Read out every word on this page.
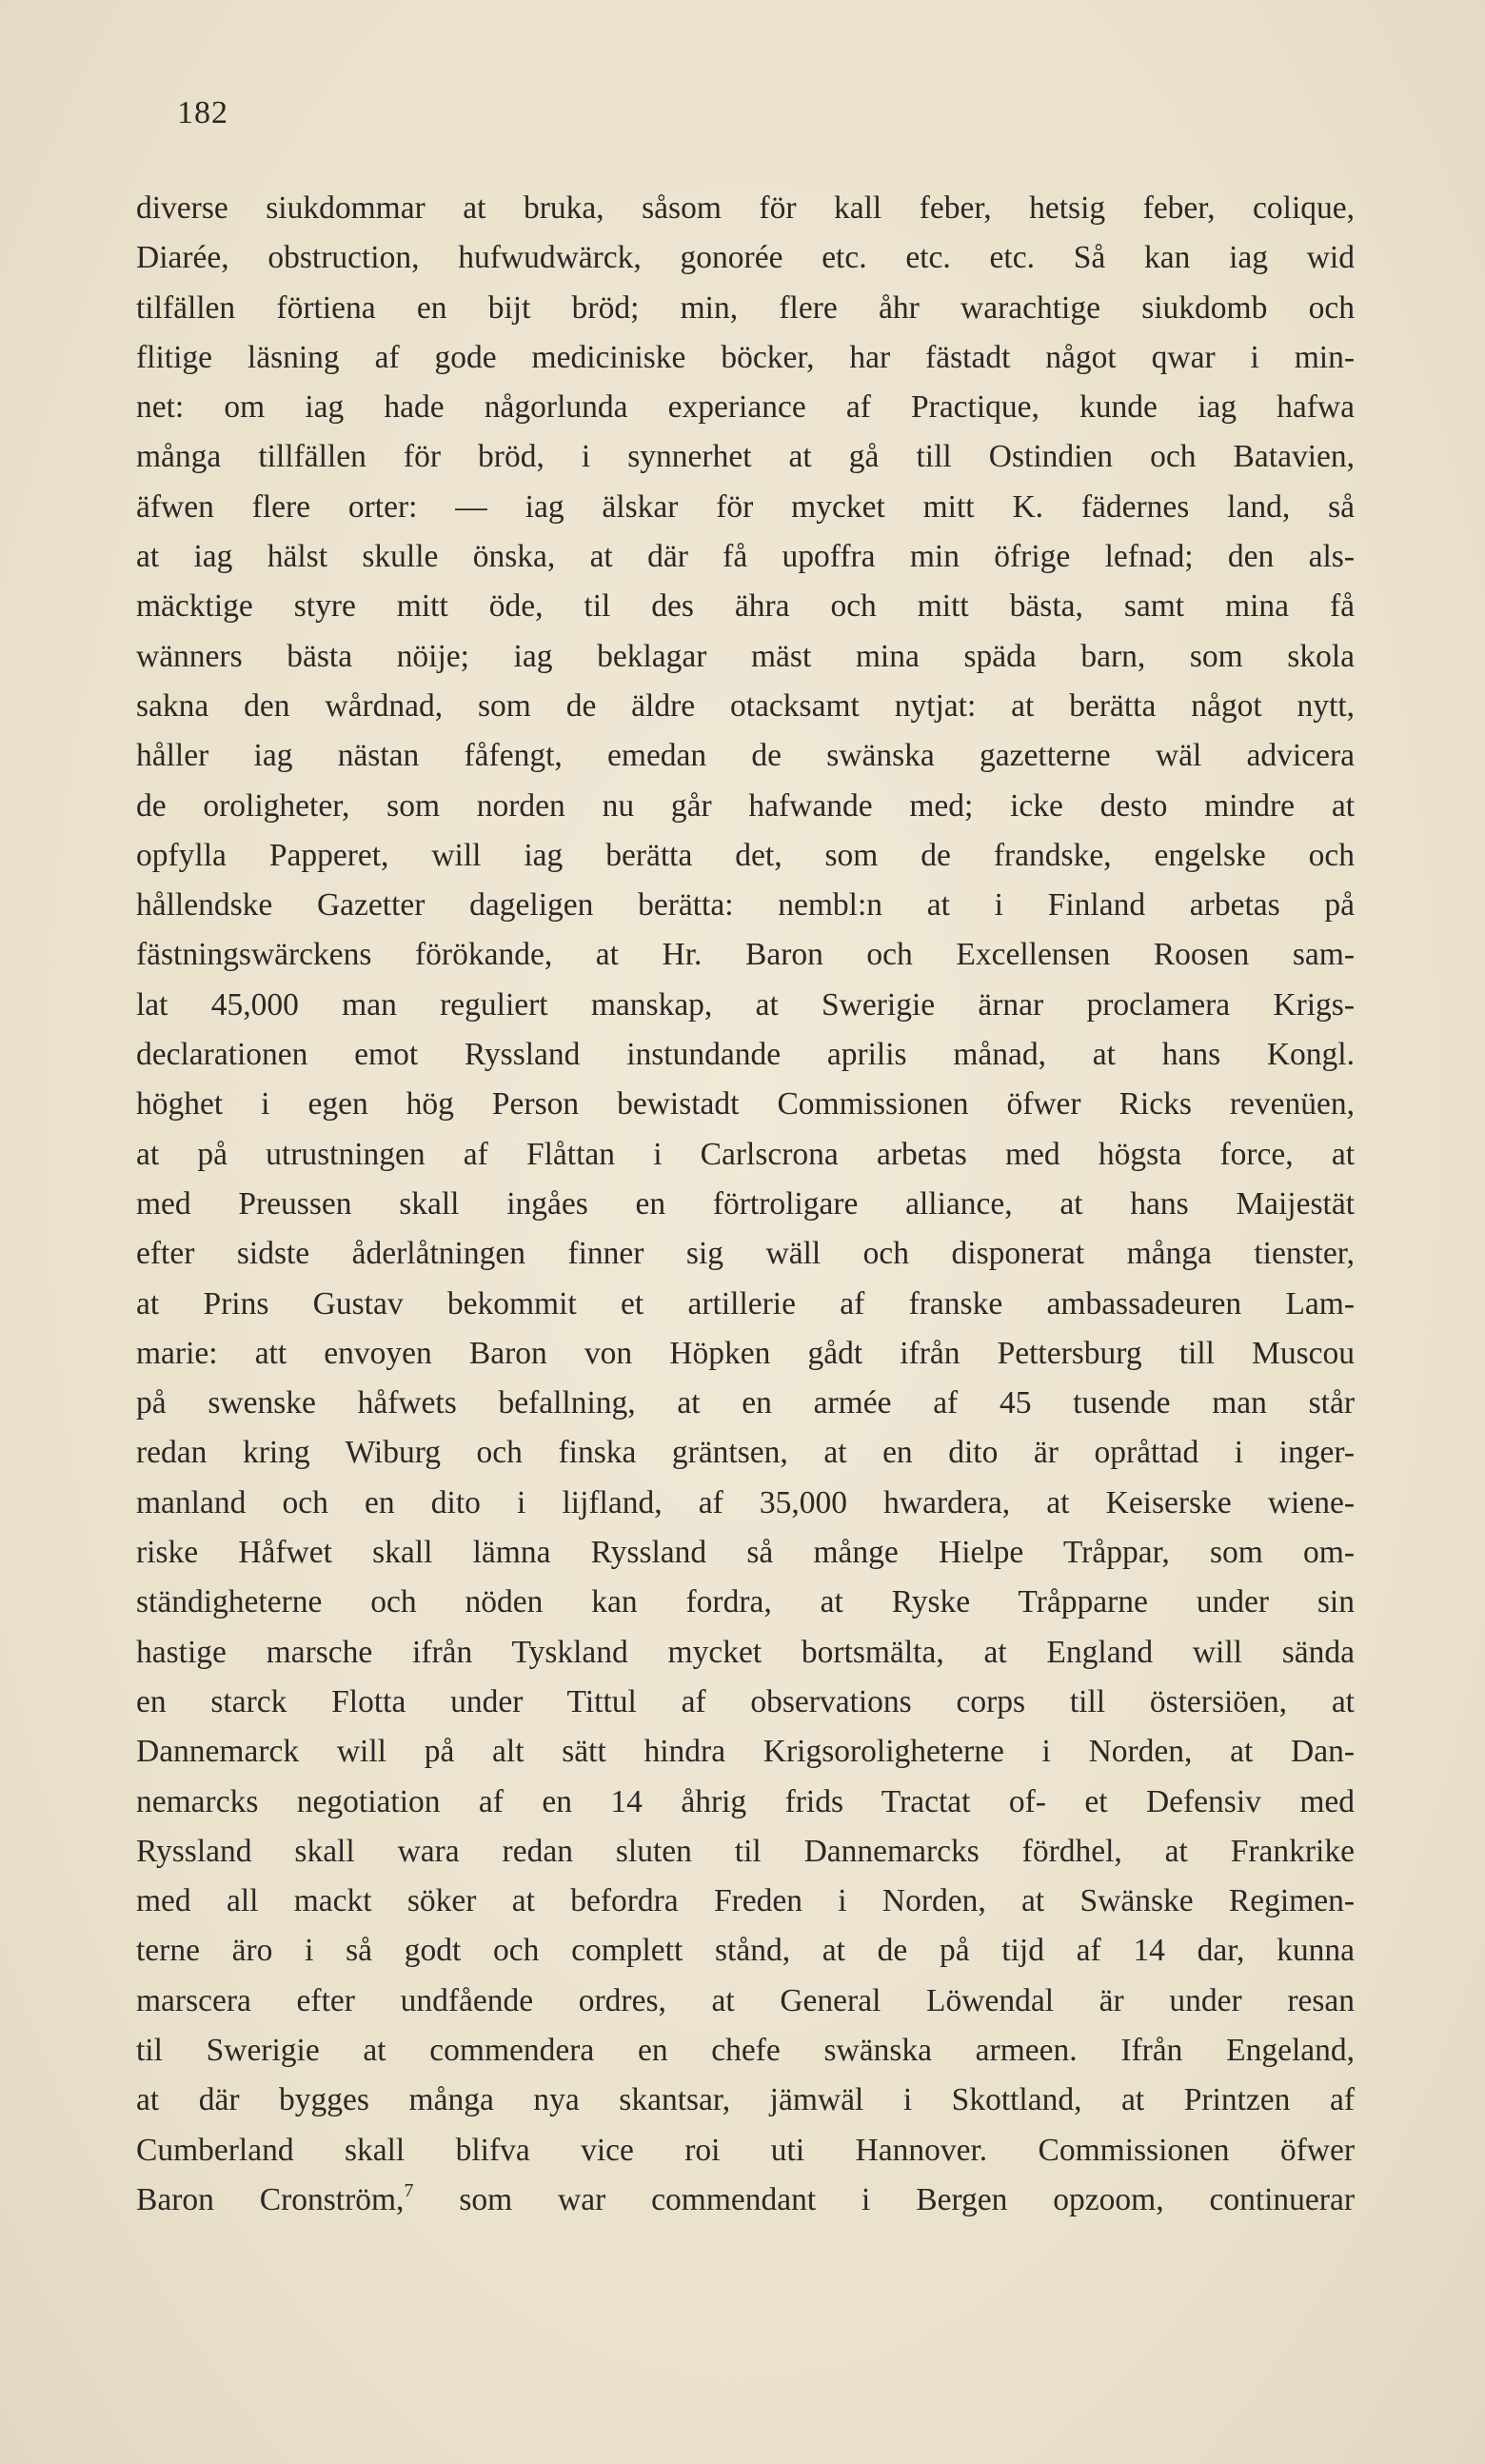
182
diverse siukdommar at bruka, såsom för kall feber, hetsig feber, colique,
Diarée, obstruction, hufwudwärck, gonorée etc. etc. etc. Så kan iag wid
tilfällen förtiena en bijt bröd; min, flere åhr warachtige siukdomb och
flitige läsning af gode mediciniske böcker, har fästadt något qwar i min-
net: om iag hade någorlunda experiance af Practique, kunde iag hafwa
många tillfällen för bröd, i synnerhet at gå till Ostindien och Batavien,
äfwen flere orter: — iag älskar för mycket mitt K. fädernes land, så
at iag hälst skulle önska, at där få upoffra min öfrige lefnad; den als-
mäcktige styre mitt öde, til des ähra och mitt bästa, samt mina få
wänners bästa nöije; iag beklagar mäst mina späda barn, som skola
sakna den wårdnad, som de äldre otacksamt nytjat: at berätta något nytt,
håller iag nästan fåfengt, emedan de swänska gazetterne wäl advicera
de oroligheter, som norden nu går hafwande med; icke desto mindre at
opfylla Papperet, will iag berätta det, som de frandske, engelske och
hållendske Gazetter dageligen berätta: nembl:n at i Finland arbetas på
fästningswärckens förökande, at Hr. Baron och Excellensen Roosen sam-
lat 45,000 man reguliert manskap, at Swerigie ärnar proclamera Krigs-
declarationen emot Ryssland instundande aprilis månad, at hans Kongl.
höghet i egen hög Person bewistadt Commissionen öfwer Ricks revenüen,
at på utrustningen af Flåttan i Carlscrona arbetas med högsta force, at
med Preussen skall ingåes en förtroligare alliance, at hans Maijestät
efter sidste åderlåtningen finner sig wäll och disponerat många tienster,
at Prins Gustav bekommit et artillerie af franske ambassadeuren Lam-
marie: att envoyen Baron von Höpken gådt ifrån Pettersburg till Muscou
på swenske håfwets befallning, at en armée af 45 tusende man står
redan kring Wiburg och finska gräntsen, at en dito är opråttad i inger-
manland och en dito i lijfland, af 35,000 hwardera, at Keiserske wiene-
riske Håfwet skall lämna Ryssland så månge Hielpe Tråppar, som om-
ständigheterne och nöden kan fordra, at Ryske Tråpparne under sin
hastige marsche ifrån Tyskland mycket bortsmälta, at England will sända
en starck Flotta under Tittul af observations corps till östersiöen, at
Dannemarck will på alt sätt hindra Krigsoroligheterne i Norden, at Dan-
nemarcks negotiation af en 14 åhrig frids Tractat of- et Defensiv med
Ryssland skall wara redan sluten til Dannemarcks fördhel, at Frankrike
med all mackt söker at befordra Freden i Norden, at Swänske Regimen-
terne äro i så godt och complett stånd, at de på tijd af 14 dar, kunna
marscera efter undfående ordres, at General Löwendal är under resan
til Swerigie at commendera en chefe swänska armeen. Ifrån Engeland,
at där bygges många nya skantsar, jämwäl i Skottland, at Printzen af
Cumberland skall blifva vice roi uti Hannover. Commissionen öfwer
Baron Cronström,$^7$ som war commendant i Bergen opzoom, continuerar
